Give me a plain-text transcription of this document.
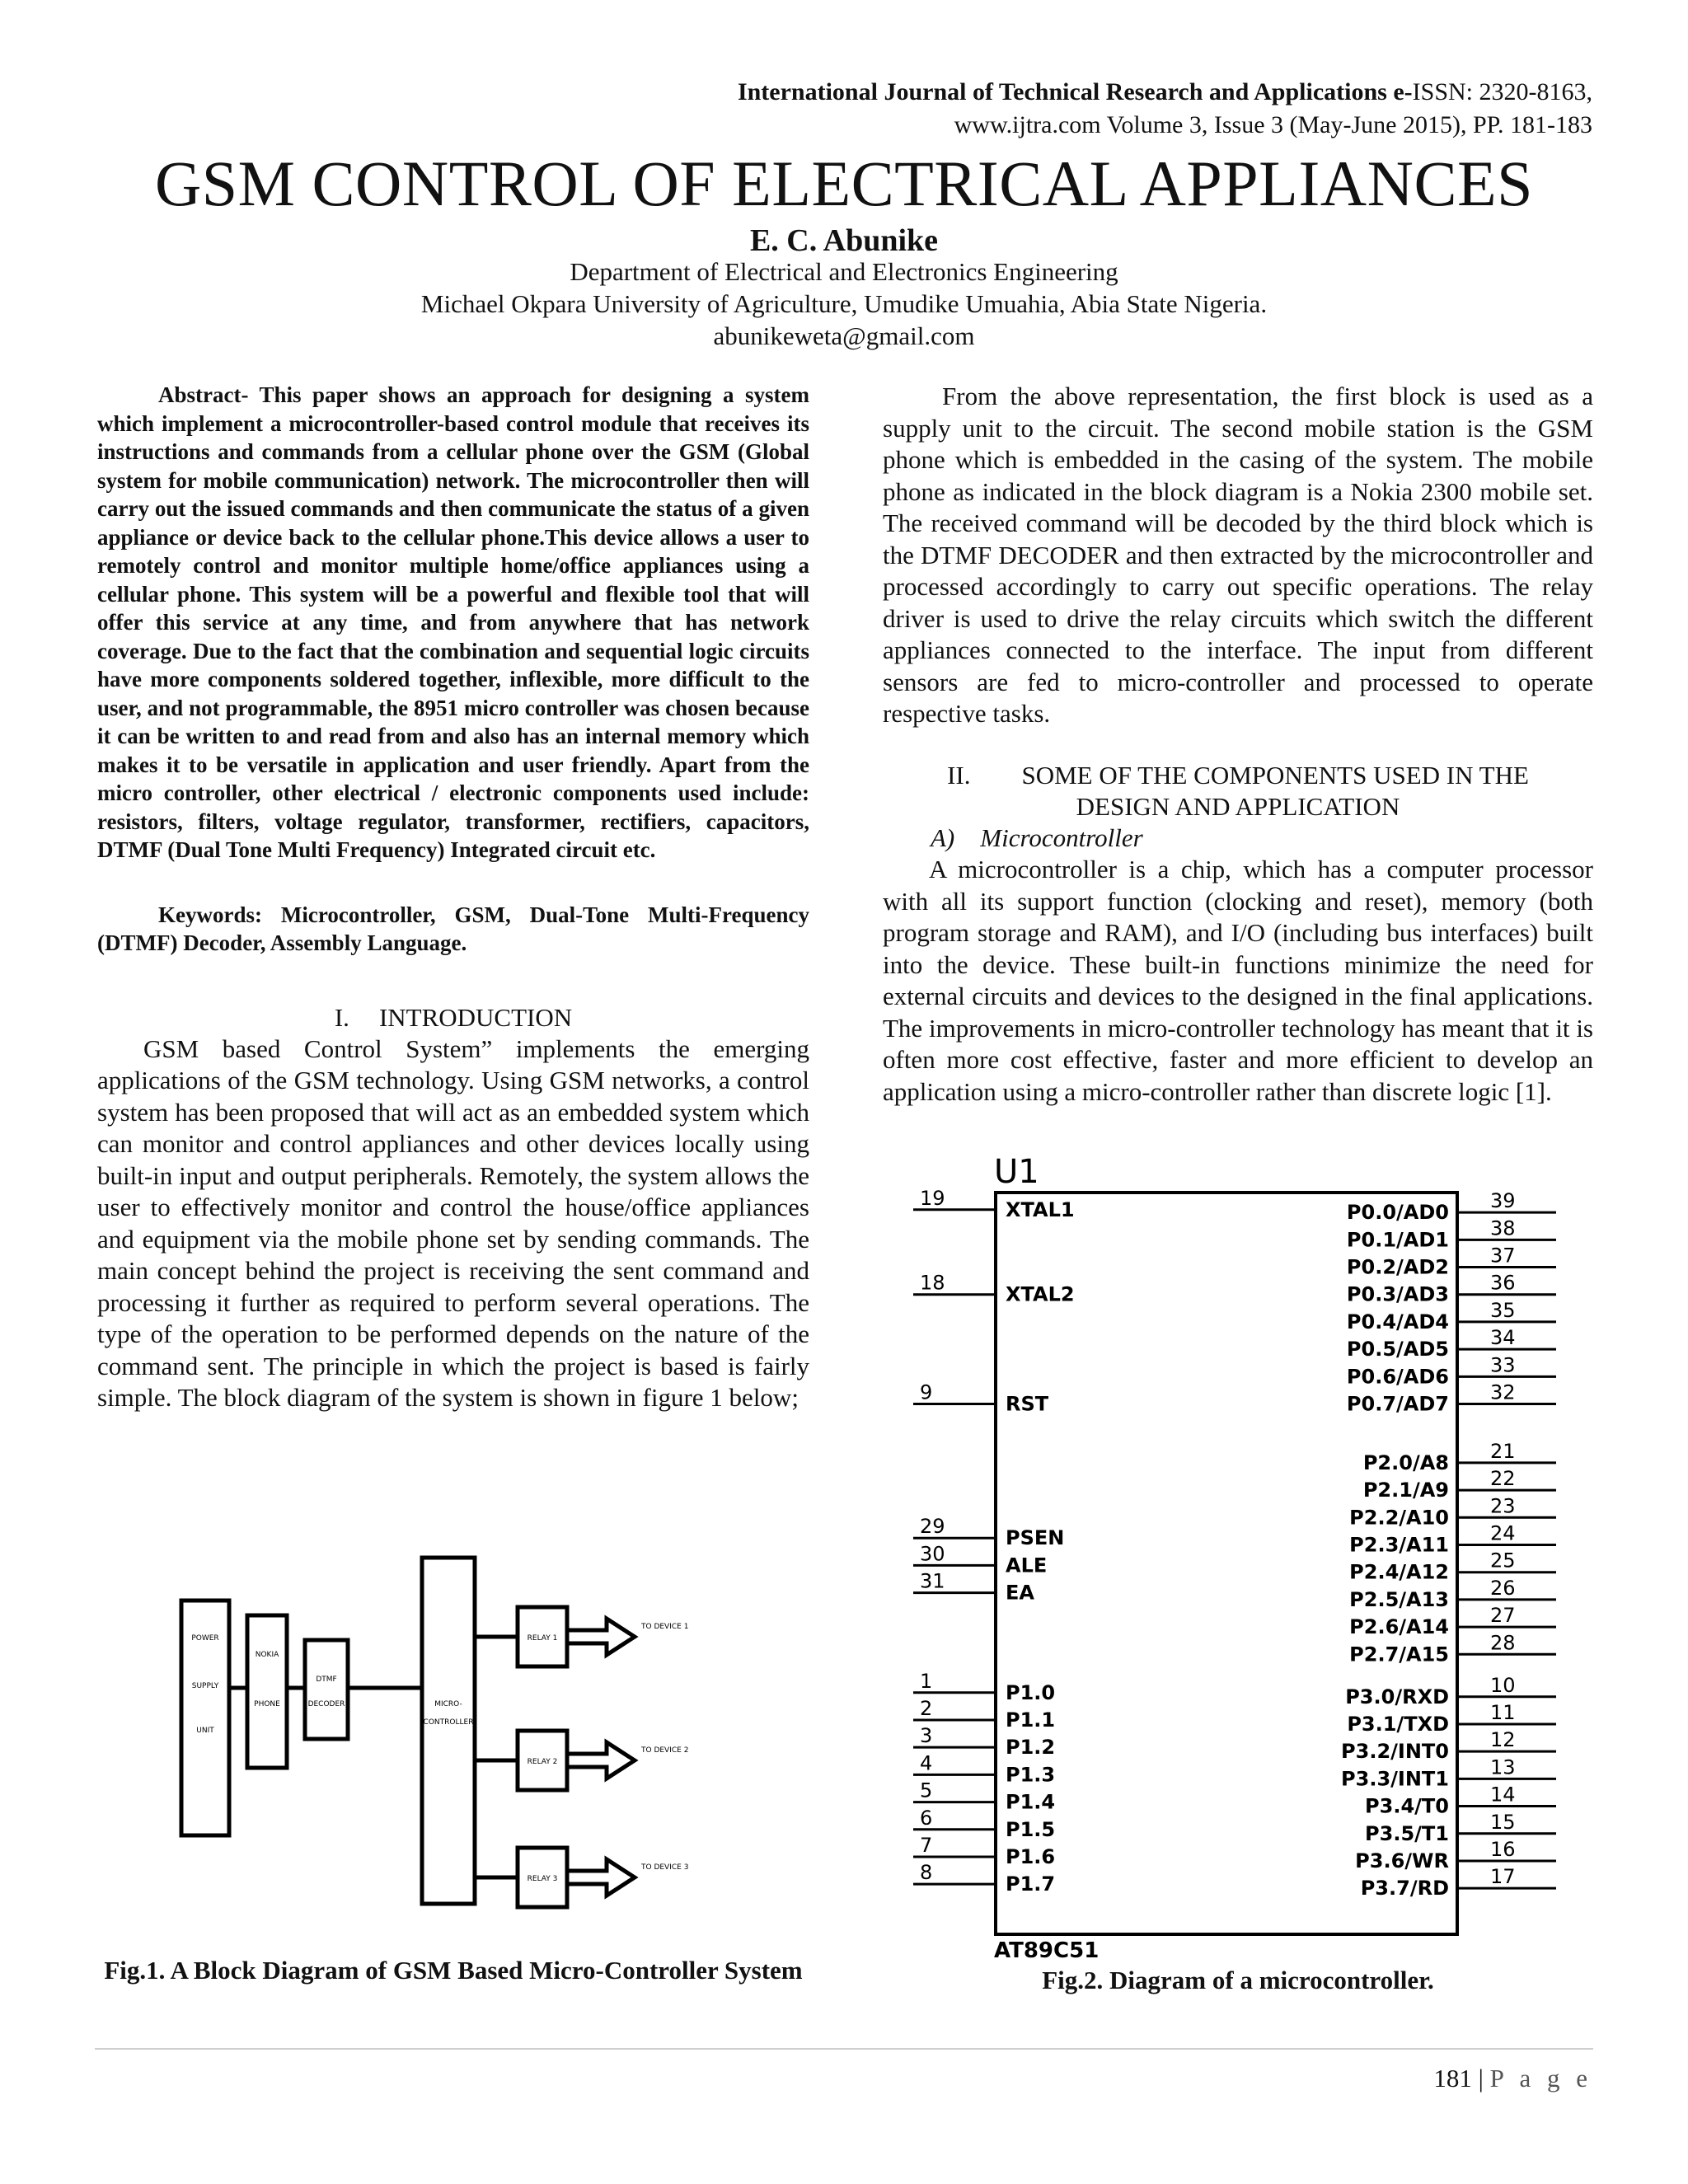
International Journal of Technical Research and Applications e-ISSN: 2320-8163,
www.ijtra.com Volume 3, Issue 3 (May-June 2015), PP. 181-183
GSM CONTROL OF ELECTRICAL APPLIANCES
E. C. Abunike
Department of Electrical and Electronics Engineering
Michael Okpara University of Agriculture, Umudike Umuahia, Abia State Nigeria.
abunikeweta@gmail.com

Abstract- This paper shows an approach for designing a system which implement a microcontroller-based control module that receives its instructions and commands from a cellular phone over the GSM (Global system for mobile communication) network. The microcontroller then will carry out the issued commands and then communicate the status of a given appliance or device back to the cellular phone.This device allows a user to remotely control and monitor multiple home/office appliances using a cellular phone. This system will be a powerful and flexible tool that will offer this service at any time, and from anywhere that has network coverage. Due to the fact that the combination and sequential logic circuits have more components soldered together, inflexible, more difficult to the user, and not programmable, the 8951 micro controller was chosen because it can be written to and read from and also has an internal memory which makes it to be versatile in application and user friendly. Apart from the micro controller, other electrical / electronic components used include: resistors, filters, voltage regulator, transformer, rectifiers, capacitors, DTMF (Dual Tone Multi Frequency) Integrated circuit etc.

Keywords: Microcontroller, GSM, Dual-Tone Multi-Frequency (DTMF) Decoder, Assembly Language.

I. INTRODUCTION

GSM based Control System” implements the emerging applications of the GSM technology. Using GSM networks, a control system has been proposed that will act as an embedded system which can monitor and control appliances and other devices locally using built-in input and output peripherals. Remotely, the system allows the user to effectively monitor and control the house/office appliances and equipment via the mobile phone set by sending commands. The main concept behind the project is receiving the sent command and processing it further as required to perform several operations. The type of the operation to be performed depends on the nature of the command sent. The principle in which the project is based is fairly simple. The block diagram of the system is shown in figure 1 below;

POWER
SUPPLY
UNIT
NOKIA
PHONE
DTMF
DECODER	MICRO-
CONTROLLER
RELAY 1
RELAY 2
RELAY 3
TO DEVICE 1
TO DEVICE 2
TO DEVICE 3
Fig.1. A Block Diagram of GSM Based Micro-Controller System

From the above representation, the first block is used as a supply unit to the circuit. The second mobile station is the GSM phone which is embedded in the casing of the system. The mobile phone as indicated in the block diagram is a Nokia 2300 mobile set. The received command will be decoded by the third block which is the DTMF DECODER and then extracted by the microcontroller and processed accordingly to carry out specific operations. The relay driver is used to drive the relay circuits which switch the different appliances connected to the interface. The input from different sensors are fed to micro-controller and processed to operate respective tasks.

II. SOME OF THE COMPONENTS USED IN THE
DESIGN AND APPLICATION
A) Microcontroller

A microcontroller is a chip, which has a computer processor with all its support function (clocking and reset), memory (both program storage and RAM), and I/O (including bus interfaces) built into the device. These built-in functions minimize the need for external circuits and devices to the designed in the final applications. The improvements in micro-controller technology has meant that it is often more cost effective, faster and more efficient to develop an application using a micro-controller rather than discrete logic [1].

U1
AT89C51
19	XTAL1
18	XTAL2
9	RST
29	PSEN
30	ALE
31	EA
1	P1.0
2	P1.1
3	P1.2
4	P1.3
5	P1.4
6	P1.5
7	P1.6
8	P1.7
39
P0.0/AD0
38
P0.1/AD1
37
P0.2/AD2
36
P0.3/AD3
35
P0.4/AD4
34
P0.5/AD5
33
P0.6/AD6
32
P0.7/AD7
21
P2.0/A8
22
P2.1/A9
23
P2.2/A10
24
P2.3/A11
25
P2.4/A12
26
P2.5/A13
27
P2.6/A14
28
P2.7/A15
10
P3.0/RXD
11
P3.1/TXD
12
P3.2/INT0
13
P3.3/INT1
14
P3.4/T0
15
P3.5/T1
16
P3.6/WR
17
P3.7/RD
Fig.2. Diagram of a microcontroller.
181 | P a g e
